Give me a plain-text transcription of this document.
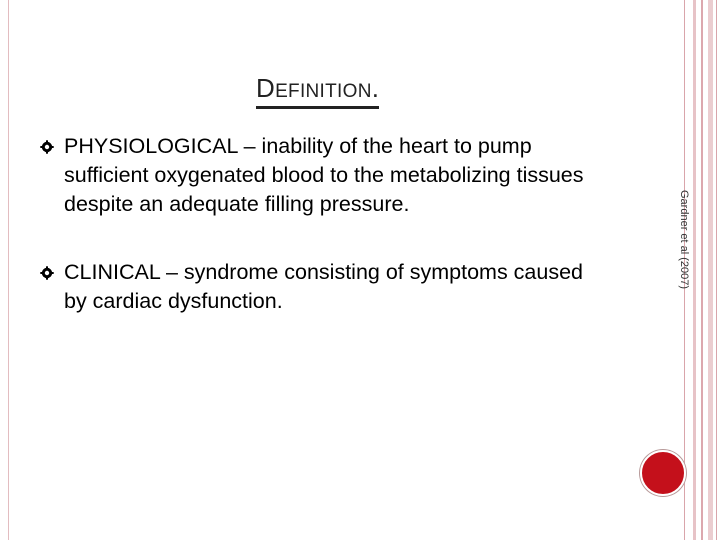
DEFINITION.
PHYSIOLOGICAL – inability of the heart to pump sufficient oxygenated blood to the metabolizing tissues despite an adequate filling pressure.
CLINICAL – syndrome consisting of symptoms caused by cardiac dysfunction.
Gardner et al (2007)
